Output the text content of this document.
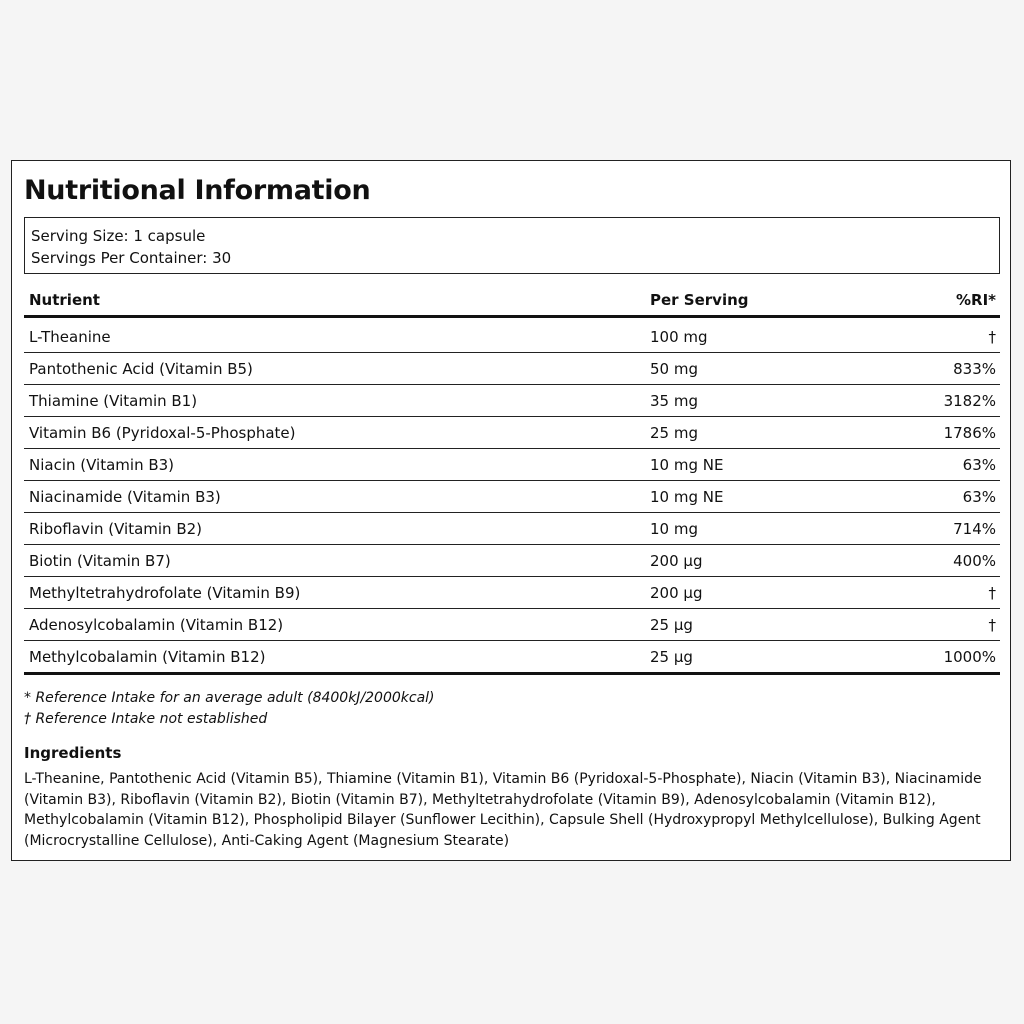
Nutritional Information
Serving Size: 1 capsule
Servings Per Container: 30
Nutrient	Per Serving	%RI*
L-Theanine	100 mg	†
Pantothenic Acid (Vitamin B5)	50 mg	833%
Thiamine (Vitamin B1)	35 mg	3182%
Vitamin B6 (Pyridoxal-5-Phosphate)	25 mg	1786%
Niacin (Vitamin B3)	10 mg NE	63%
Niacinamide (Vitamin B3)	10 mg NE	63%
Riboflavin (Vitamin B2)	10 mg	714%
Biotin (Vitamin B7)	200 µg	400%
Methyltetrahydrofolate (Vitamin B9)	200 µg	†
Adenosylcobalamin (Vitamin B12)	25 µg	†
Methylcobalamin (Vitamin B12)	25 µg	1000%
* Reference Intake for an average adult (8400kJ/2000kcal)
† Reference Intake not established
Ingredients
L-Theanine, Pantothenic Acid (Vitamin B5), Thiamine (Vitamin B1), Vitamin B6 (Pyridoxal-5-Phosphate), Niacin (Vitamin B3), Niacinamide (Vitamin B3), Riboflavin (Vitamin B2), Biotin (Vitamin B7), Methyltetrahydrofolate (Vitamin B9), Adenosylcobalamin (Vitamin B12), Methylcobalamin (Vitamin B12), Phospholipid Bilayer (Sunflower Lecithin), Capsule Shell (Hydroxypropyl Methylcellulose), Bulking Agent (Microcrystalline Cellulose), Anti-Caking Agent (Magnesium Stearate)
